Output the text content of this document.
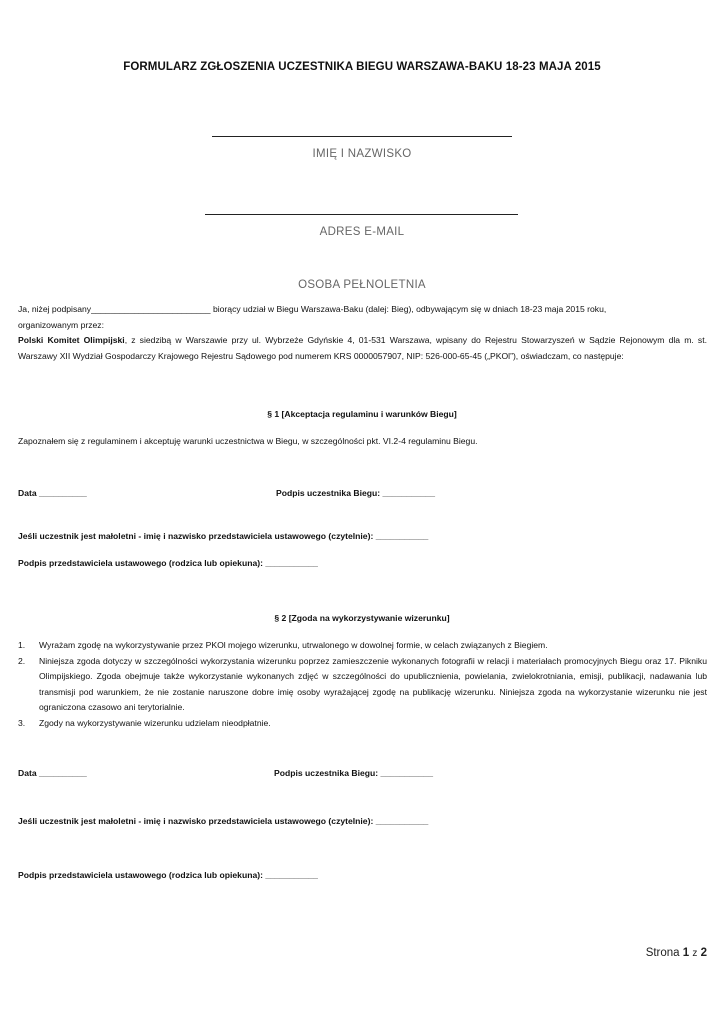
FORMULARZ ZGŁOSZENIA UCZESTNIKA BIEGU WARSZAWA-BAKU 18-23 MAJA 2015
IMIĘ I NAZWISKO
ADRES E-MAIL
OSOBA PEŁNOLETNIA
Ja, niżej podpisany_________________________ biorący udział w Biegu Warszawa-Baku (dalej: Bieg), odbywającym się w dniach 18-23 maja 2015 roku,
organizowanym przez:
Polski Komitet Olimpijski, z siedzibą w Warszawie przy ul. Wybrzeże Gdyńskie 4, 01-531 Warszawa, wpisany do Rejestru Stowarzyszeń w Sądzie Rejonowym dla m. st. Warszawy XII Wydział Gospodarczy Krajowego Rejestru Sądowego pod numerem KRS 0000057907, NIP: 526-000-65-45 („PKOl”), oświadczam, co następuje:
§ 1 [Akceptacja regulaminu i warunków Biegu]
Zapoznałem się z regulaminem i akceptuję warunki uczestnictwa w Biegu, w szczególności pkt. VI.2-4 regulaminu Biegu.
Data __________	Podpis uczestnika Biegu: ___________
Jeśli uczestnik jest małoletni - imię i nazwisko przedstawiciela ustawowego (czytelnie): ___________
Podpis przedstawiciela ustawowego (rodzica lub opiekuna): ___________
§ 2 [Zgoda na wykorzystywanie wizerunku]
1.	Wyrażam zgodę na wykorzystywanie przez PKOl mojego wizerunku, utrwalonego w dowolnej formie, w celach związanych z Biegiem.
2.	Niniejsza zgoda dotyczy w szczególności wykorzystania wizerunku poprzez zamieszczenie wykonanych fotografii w relacji i materiałach promocyjnych Biegu oraz 17. Pikniku Olimpijskiego. Zgoda obejmuje także wykorzystanie wykonanych zdjęć w szczególności do upublicznienia, powielania, zwielokrotniania, emisji, publikacji, nadawania lub transmisji pod warunkiem, że nie zostanie naruszone dobre imię osoby wyrażającej zgodę na publikację wizerunku. Niniejsza zgoda na wykorzystanie wizerunku nie jest ograniczona czasowo ani terytorialnie.
3.	Zgody na wykorzystywanie wizerunku udzielam nieodpłatnie.
Data __________	Podpis uczestnika Biegu: ___________
Jeśli uczestnik jest małoletni - imię i nazwisko przedstawiciela ustawowego (czytelnie): ___________
Podpis przedstawiciela ustawowego (rodzica lub opiekuna): ___________
Strona 1 z 2
